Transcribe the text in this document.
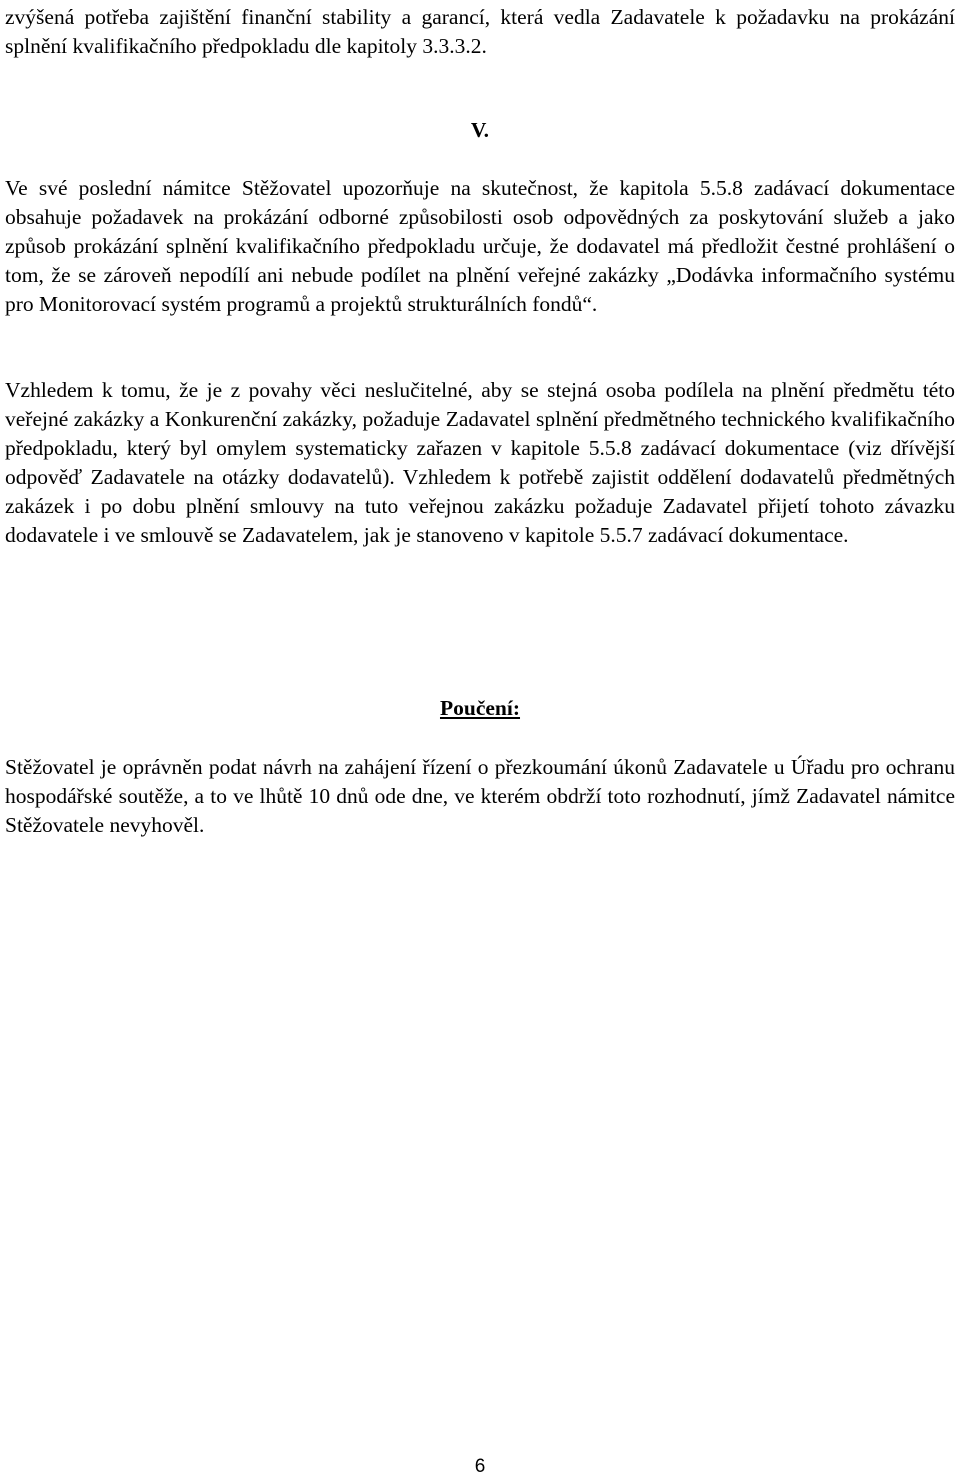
zvýšená potřeba zajištění finanční stability a garancí, která vedla Zadavatele k požadavku na prokázání splnění kvalifikačního předpokladu dle kapitoly 3.3.3.2.

V.

Ve své poslední námitce Stěžovatel upozorňuje na skutečnost, že kapitola 5.5.8 zadávací dokumentace obsahuje požadavek na prokázání odborné způsobilosti osob odpovědných za poskytování služeb a jako způsob prokázání splnění kvalifikačního předpokladu určuje, že dodavatel má předložit čestné prohlášení o tom, že se zároveň nepodílí ani nebude podílet na plnění veřejné zakázky „Dodávka informačního systému pro Monitorovací systém programů a projektů strukturálních fondů“.

Vzhledem k tomu, že je z povahy věci neslučitelné, aby se stejná osoba podílela na plnění předmětu této veřejné zakázky a Konkurenční zakázky, požaduje Zadavatel splnění předmětného technického kvalifikačního předpokladu, který byl omylem systematicky zařazen v kapitole 5.5.8 zadávací dokumentace (viz dřívější odpověď Zadavatele na otázky dodavatelů). Vzhledem k potřebě zajistit oddělení dodavatelů předmětných zakázek i po dobu plnění smlouvy na tuto veřejnou zakázku požaduje Zadavatel přijetí tohoto závazku dodavatele i ve smlouvě se Zadavatelem, jak je stanoveno v kapitole 5.5.7 zadávací dokumentace.

Poučení:

Stěžovatel je oprávněn podat návrh na zahájení řízení o přezkoumání úkonů Zadavatele u Úřadu pro ochranu hospodářské soutěže, a to ve lhůtě 10 dnů ode dne, ve kterém obdrží toto rozhodnutí, jímž Zadavatel námitce Stěžovatele nevyhověl.

6
